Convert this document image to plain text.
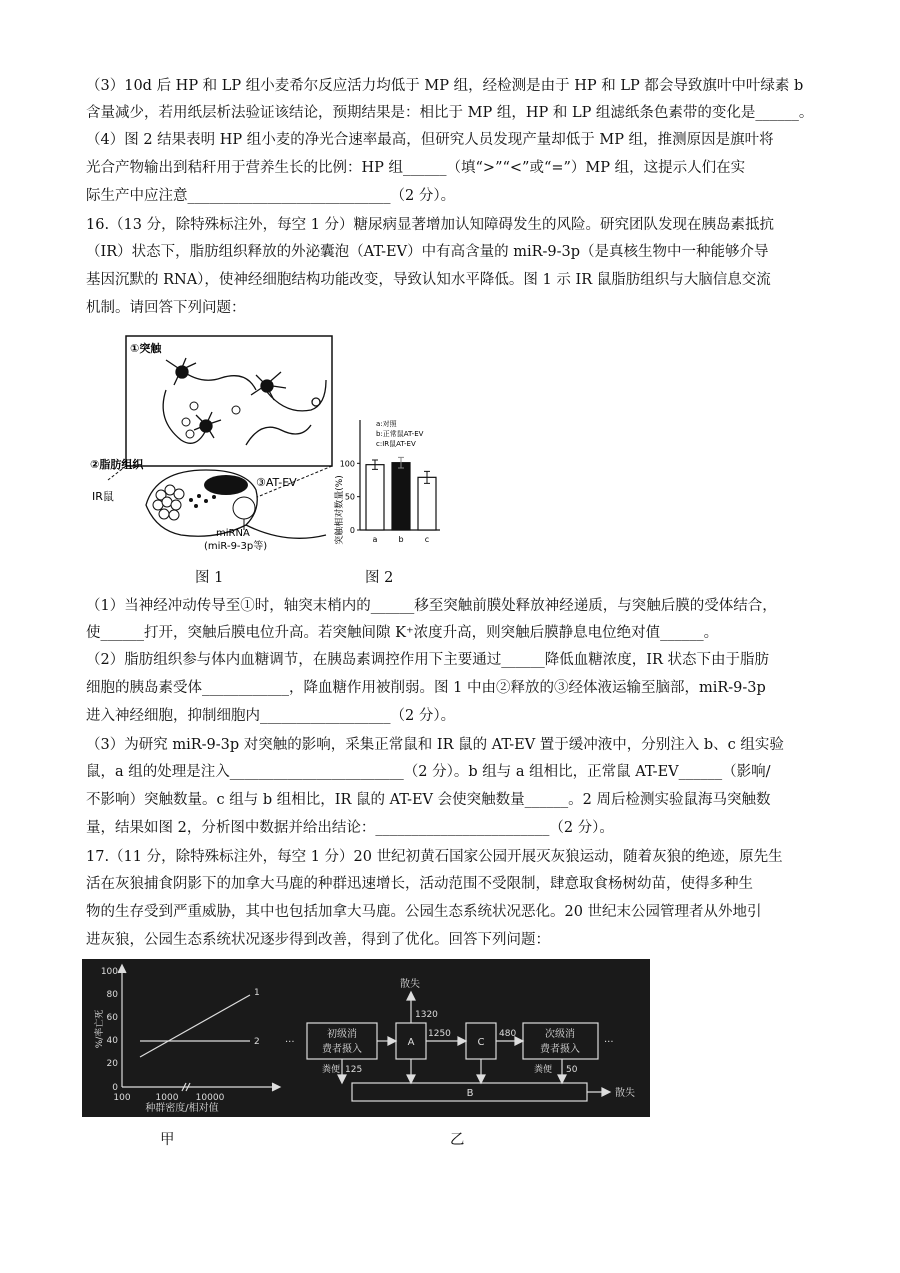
（3）10d 后 HP 和 LP 组小麦希尔反应活力均低于 MP 组，经检测是由于 HP 和 LP 都会导致旗叶中叶绿素 b
含量减少，若用纸层析法验证该结论，预期结果是：相比于 MP 组，HP 和 LP 组滤纸条色素带的变化是______。
（4）图 2 结果表明 HP 组小麦的净光合速率最高，但研究人员发现产量却低于 MP 组，推测原因是旗叶将
光合产物输出到秸秆用于营养生长的比例：HP 组______（填“>”“<”或“=”）MP 组，这提示人们在实
际生产中应注意____________________________（2 分）。
16.（13 分，除特殊标注外，每空 1 分）糖尿病显著增加认知障碍发生的风险。研究团队发现在胰岛素抵抗
（IR）状态下，脂肪组织释放的外泌囊泡（AT-EV）中有高含量的 miR-9-3p（是真核生物中一种能够介导
基因沉默的 RNA），使神经细胞结构功能改变，导致认知水平降低。图 1 示 IR 鼠脂肪组织与大脑信息交流
机制。请回答下列问题：
①突触
②脂肪组织
IR鼠
③AT-EV
miRNA
(miR-9-3p等)
a:对照
b:正常鼠AT-EV
c:IR鼠AT-EV
突触相对数量(%) 0
50
100
a	b	c
图 1	图 2
（1）当神经冲动传导至①时，轴突末梢内的______移至突触前膜处释放神经递质，与突触后膜的受体结合，
使______打开，突触后膜电位升高。若突触间隙 K⁺浓度升高，则突触后膜静息电位绝对值______。
（2）脂肪组织参与体内血糖调节，在胰岛素调控作用下主要通过______降低血糖浓度，IR 状态下由于脂肪
细胞的胰岛素受体____________，降血糖作用被削弱。图 1 中由②释放的③经体液运输至脑部，miR-9-3p
进入神经细胞，抑制细胞内__________________（2 分）。
（3）为研究 miR-9-3p 对突触的影响，采集正常鼠和 IR 鼠的 AT-EV 置于缓冲液中，分别注入 b、c 组实验
鼠，a 组的处理是注入________________________（2 分）。b 组与 a 组相比，正常鼠 AT-EV______（影响/
不影响）突触数量。c 组与 b 组相比，IR 鼠的 AT-EV 会使突触数量______。2 周后检测实验鼠海马突触数
量，结果如图 2，分析图中数据并给出结论：________________________（2 分）。
17.（11 分，除特殊标注外，每空 1 分）20 世纪初黄石国家公园开展灭灰狼运动，随着灰狼的绝迹，原先生
活在灰狼捕食阴影下的加拿大马鹿的种群迅速增长，活动范围不受限制，肆意取食杨树幼苗，使得多种生
物的生存受到严重威胁，其中也包括加拿大马鹿。公园生态系统状况恶化。20 世纪末公园管理者从外地引
进灰狼，公园生态系统状况逐步得到改善，得到了优化。回答下列问题：
0
20
40
60
80
100
100	1000 10000
%/率亡死
种群密度/相对值
1
2	···	···
初级消
费者摄入
A	C
次级消
费者摄入
B
散失
散失
1320
1250	480
粪便 125	粪便 50
甲	乙
